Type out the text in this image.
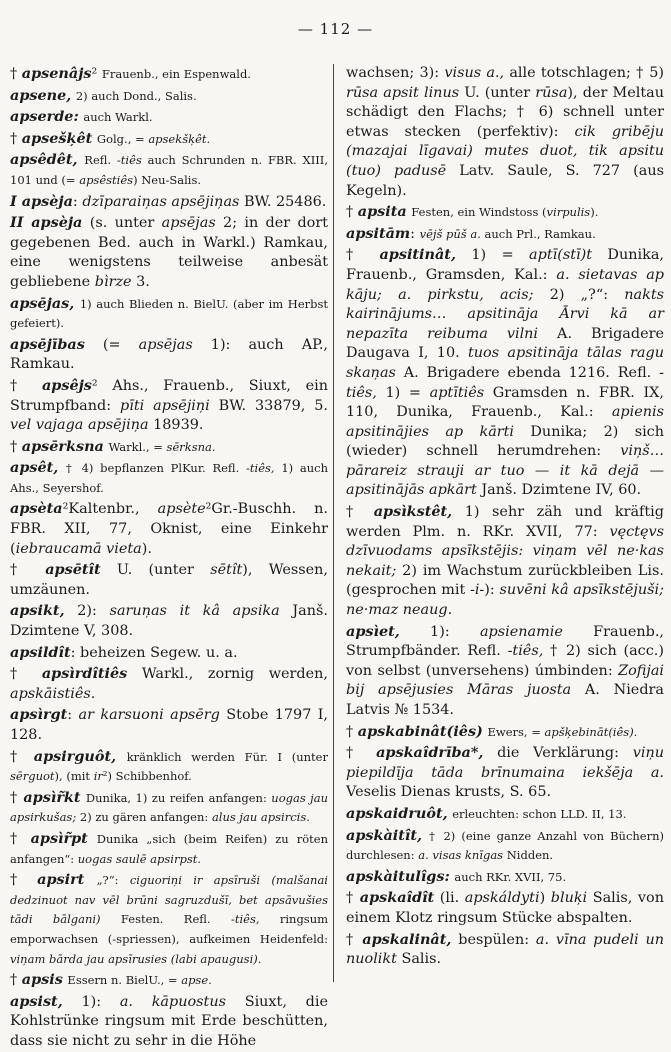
— 112 —

† apsenâjs² Frauenb., ein Espenwald.

apsene, 2) auch Dond., Salis.

apserde: auch Warkl.

† apsešķêt Golg., = apsekšķêt.

apsêdêt, Refl. -tiês auch Schrunden n. FBR. XIII, 101 und (= apsêstiês) Neu-Salis.

I apsèja: dzīparaiņas apsējiņas BW. 25486.

II apsèja (s. unter apsējas 2; in der dort gegebenen Bed. auch in Warkl.) Ramkau, eine wenigstens teilweise anbesät gebliebene bìrze 3.

apsējas, 1) auch Blieden n. BielU. (aber im Herbst gefeiert).

apsējības (= apsējas 1): auch AP., Ramkau.

† apsêjs² Ahs., Frauenb., Siuxt, ein Strumpfband: pīti apsējiņi BW. 33879, 5. vel vajaga apsējiņa 18939.

† apsērksna Warkl., = sērksna.

apsêt, † 4) bepflanzen PlKur. Refl. -tiês, 1) auch Ahs., Seyershof.

apsèta²Kaltenbr., apsète²Gr.-Buschh. n. FBR. XII, 77, Oknist, eine Einkehr (iebraucamā vieta).

† apsētît U. (unter sētît), Wessen, umzäunen.

apsikt, 2): saruņas it kâ apsika Janš. Dzimtene V, 308.

apsildît: beheizen Segew. u. a.

† apsìrdîtiês Warkl., zornig werden, apskāistiês.

apsìrgt: ar karsuoni apsērg Stobe 1797 I, 128.

† apsirguôt, kränklich werden Für. I (unter sērguot), (mit ir²) Schibbenhof.

† apsìr̃kt Dunika, 1) zu reifen anfangen: uogas jau apsirkušas; 2) zu gären anfangen: alus jau apsircis.

† apsìr̃pt Dunika „sich (beim Reifen) zu röten anfangen“: uogas saulē apsirpst.

† apsirt „?“: ciguoriņi ir apsīruši (malšanai dedzinuot nav vēl brūni sagruzdušī, bet apsāvušies tādi bālgani) Festen. Refl. -tiês, ringsum emporwachsen (-spriessen), aufkeimen Heidenfeld: viņam bārda jau apsīrusies (labi apaugusi).

† apsis Essern n. BielU., = apse.

apsist, 1): a. kāpuostus Siuxt, die Kohlstrünke ringsum mit Erde beschütten, dass sie nicht zu sehr in die Höhe

wachsen; 3): visus a., alle totschlagen; † 5) rūsa apsit linus U. (unter rūsa), der Meltau schädigt den Flachs; † 6) schnell unter etwas stecken (perfektiv): cik gribēju (mazajai līgavai) mutes duot, tik apsitu (tuo) padusē Latv. Saule, S. 727 (aus Kegeln).

† apsita Festen, ein Windstoss (virpulis).

apsitām: vējš pūš a. auch Prl., Ramkau.

† apsitinât, 1) = aptī(stī)t Dunika, Frauenb., Gramsden, Kal.: a. sietavas ap kāju; a. pirkstu, acis; 2) „?“: nakts kairinājums… apsitināja Ārvi kā ar nepazīta reibuma vilni A. Brigadere Daugava I, 10. tuos apsitināja tālas ragu skaņas A. Brigadere ebenda 1216. Refl. -tiês, 1) = aptītiês Gramsden n. FBR. IX, 110, Dunika, Frauenb., Kal.: apienis apsitinājies ap kārti Dunika; 2) sich (wieder) schnell herumdrehen: viņš…pārareiz strauji ar tuo — it kā dejā — apsitinājās apkārt Janš. Dzimtene IV, 60.

† apsìkstêt, 1) sehr zäh und kräftig werden Plm. n. RKr. XVII, 77: vęctęvs dzīvuodams apsīkstējis: viņam vēl ne·kas nekait; 2) im Wachstum zurückbleiben Lis. (gesprochen mit -i-): suvēni kâ apsīkstējuši; ne·maz neaug.

apsìet, 1): apsienamie Frauenb., Strumpfbänder. Refl. -tiês, † 2) sich (acc.) von selbst (unversehens) úmbinden: Zofijai bij apsējusies Māras juosta A. Niedra Latvis № 1534.

† apskabinât(iês) Ewers, = apšķebināt(iês).

† apskaîdrība*, die Verklärung: viņu piepildīja tāda brīnumaina iekšēja a. Veselis Dienas krusts, S. 65.

apskaidruôt, erleuchten: schon LLD. II, 13.

apskàitît, † 2) (eine ganze Anzahl von Büchern) durchlesen: a. visas knīgas Nidden.

apskàitulîgs: auch RKr. XVII, 75.

† apskaîdît (li. apskáldyti) bluķi Salis, von einem Klotz ringsum Stücke abspalten.

† apskalinât, bespülen: a. vīna pudeli un nuolikt Salis.
